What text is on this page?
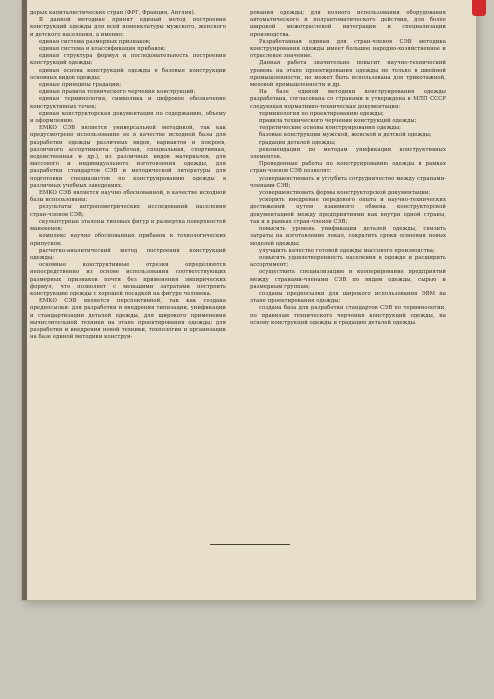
дорых капиталистических стран (ФРГ, Франция, Англия).

В данной методике принят единый метод построения конструкций одежды для всей номенклатуры мужского, женского и детского населения, а именно:

единая система размерных признаков;

единая система и классификация прибавок;

единая структура формул и последовательность построения конструкций одежды;

единая основа конструкций одежды в базовые конструкции основных видов одежды;

единые принципы градации;

единые правила технического черчения конструкций;

единая терминология, символика и цифровое обозначение конструктивных точек;

единая конструкторская документация по содержанию, объему и оформлению.

ЕМКО СЭВ является универсальной методикой, так как предусмотрено использование ее в качестве исходной базы для разработки одежды различных видов, вариантов и покроев, различного ассортимента (рабочая, специальная, спортивная, ведомственная и др.), из различных видов материалов, для массового и индивидуального изготовления одежды, для разработки стандартов СЭВ и методической литературы для подготовки специалистов по конструированию одежды в различных учебных заведениях.

ЕМКО СЭВ является научно обоснованной, в качестве исходной базы использованы:

результаты антропометрических исследований населения стран-членов СЭВ;

скульптурные эталоны типовых фигур и развертка поверхностей манекенов;

комплекс научно обоснованных прибавок и технологических припусков;

расчетно-аналитический метод построения конструкций одежды;

основные конструктивные отрезки определяются непосредственно из основе использования соответствующих размерных признаков почти без применения эмпирических формул, что позволяет с меньшими затратами построить конструкцию одежды с хорошей посадкой на фигуре человека.

ЕМКО СЭВ является перспективной, так как создана предпосылки: для разработки и внедрения типизации, унификации и стандартизации деталей одежды, для широкого применения вычислительной техники на этапе проектирования одежды; для разработки и внедрения новой техники, технологии и организации на базе единой методики конструи-

рования одежды; для полного использования оборудования автоматического и полуавтоматического действия, для более широкой межотраслевой интеграции и специализации производства.

Разработанная единая для стран-членов СЭВ методика конструирования одежды имеет большое народно-хозяйственное и отраслевое значение.

Данная работа значительно повысит научно-технический уровень на этапе проектирования одежды не только в швейной промышленности, но может быть использована для трикотажной, меховой промышленности и др.

На базе единой методики конструирования одежды разработана, согласована со странами и утверждена в МЛП СССР следующая нормативно-техническая документация:

терминология по проектированию одежды;

правила технического черчения конструкций одежды;

теоретические основы конструирования одежды;

базовые конструкции мужской, женской и детской одежды;

градация деталей одежды;

рекомендации по методам унификации конструктивных элементов.

Проведенные работы по конструированию одежды в рамках стран-членов СЭВ позволят:

усовершенствовать и углубить сотрудничество между странами-членами СЭВ;

усовершенствовать формы конструкторской документации;

ускорить внедрение передового опыта и научно-технических достижений путем взаимного обмена конструкторской документацией между предприятиями как внутри одной страны, так и в рамках стран-членов СЭВ;

повысить уровень унификации деталей одежды, снизить затраты на изготовление лекал, сократить сроки освоения новых моделей одежды;

улучшить качество готовой одежды массового производства;

повысить удовлетворенность населения в одежде и расширить ассортимент;

осуществить специализацию и кооперирование предприятий между странами-членами СЭВ по видам одежды, сырью и размерным группам;

созданы предпосылки для широкого использования ЭВМ на этапе проектирования одежды;

создана база для разработки стандартов СЭВ по терминологии, по правилам технического черчения конструкций одежды, на основу конструкций одежды и градацию деталей одежды.
